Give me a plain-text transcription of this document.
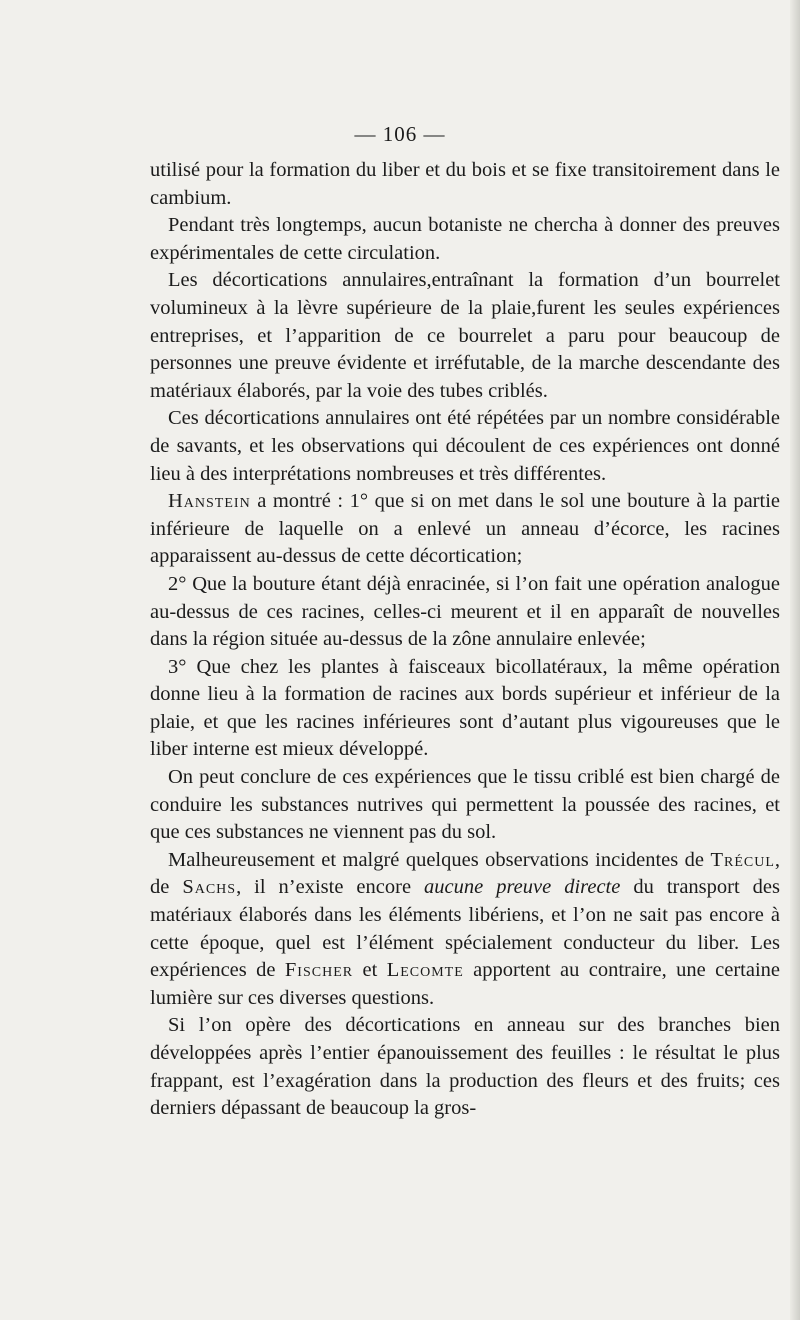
— 106 —

utilisé pour la formation du liber et du bois et se fixe transitoirement dans le cambium.

Pendant très longtemps, aucun botaniste ne chercha à donner des preuves expérimentales de cette circulation.

Les décortications annulaires,entraînant la formation d’un bourrelet volumineux à la lèvre supérieure de la plaie,furent les seules expériences entreprises, et l’apparition de ce bourrelet a paru pour beaucoup de personnes une preuve évidente et irréfutable, de la marche descendante des matériaux élaborés, par la voie des tubes criblés.

Ces décortications annulaires ont été répétées par un nombre considérable de savants, et les observations qui découlent de ces expériences ont donné lieu à des interprétations nombreuses et très différentes.

Hanstein a montré : 1° que si on met dans le sol une bouture à la partie inférieure de laquelle on a enlevé un anneau d’écorce, les racines apparaissent au-dessus de cette décortication;

2° Que la bouture étant déjà enracinée, si l’on fait une opération analogue au-dessus de ces racines, celles-ci meurent et il en apparaît de nouvelles dans la région située au-dessus de la zône annulaire enlevée;

3° Que chez les plantes à faisceaux bicollatéraux, la même opération donne lieu à la formation de racines aux bords supérieur et inférieur de la plaie, et que les racines inférieures sont d’autant plus vigoureuses que le liber interne est mieux développé.

On peut conclure de ces expériences que le tissu criblé est bien chargé de conduire les substances nutrives qui permettent la poussée des racines, et que ces substances ne viennent pas du sol.

Malheureusement et malgré quelques observations incidentes de Trécul, de Sachs, il n’existe encore aucune preuve directe du transport des matériaux élaborés dans les éléments libériens, et l’on ne sait pas encore à cette époque, quel est l’élément spécialement conducteur du liber. Les expériences de Fischer et Lecomte apportent au contraire, une certaine lumière sur ces diverses questions.

Si l’on opère des décortications en anneau sur des branches bien développées après l’entier épanouissement des feuilles : le résultat le plus frappant, est l’exagération dans la production des fleurs et des fruits; ces derniers dépassant de beaucoup la gros-
